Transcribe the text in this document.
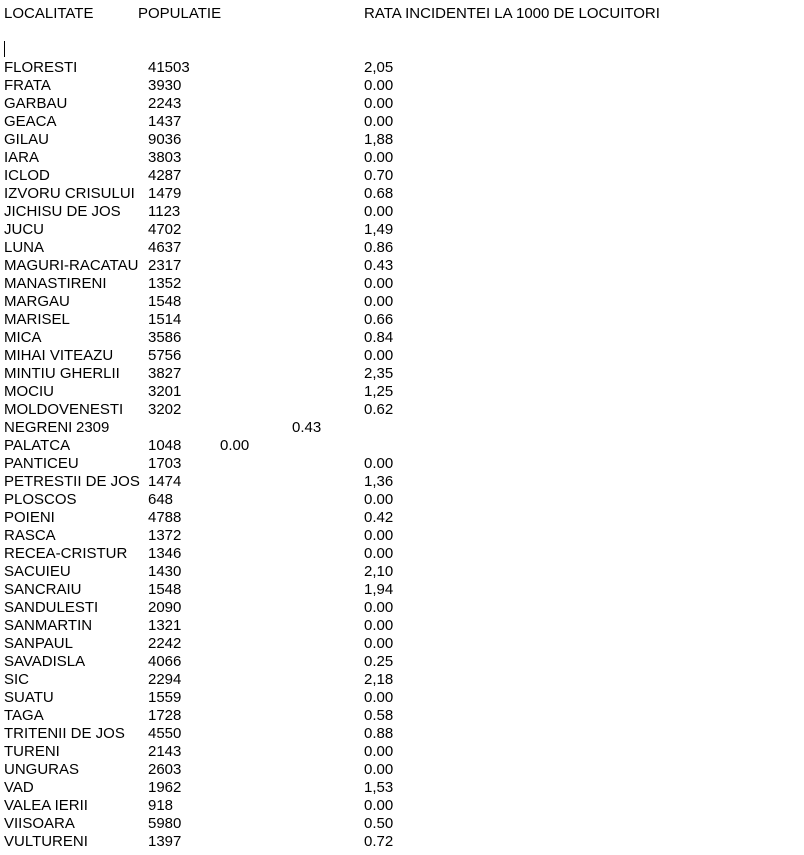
LOCALITATE	POPULATIE	RATA INCIDENTEI LA 1000 DE LOCUITORI
FLORESTI	41503	2,05
FRATA	3930	0.00
GARBAU	2243	0.00
GEACA	1437	0.00
GILAU	9036	1,88
IARA	3803	0.00
ICLOD	4287	0.70
IZVORU CRISULUI 1479	0.68
JICHISU DE JOS 1123	0.00
JUCU	4702	1,49
LUNA	4637	0.86
MAGURI-RACATAU 2317	0.43
MANASTIRENI	1352	0.00
MARGAU	1548	0.00
MARISEL	1514	0.66
MICA	3586	0.84
MIHAI VITEAZU 5756	0.00
MINTIU GHERLII 3827	2,35
MOCIU	3201	1,25
MOLDOVENESTI 3202	0.62
NEGRENI 2309	0.43
PALATCA	1048	0.00
PANTICEU	1703	0.00
PETRESTII DE JOS 1474	1,36
PLOSCOS	648	0.00
POIENI	4788	0.42
RASCA	1372	0.00
RECEA-CRISTUR 1346	0.00
SACUIEU	1430	2,10
SANCRAIU	1548	1,94
SANDULESTI	2090	0.00
SANMARTIN	1321	0.00
SANPAUL	2242	0.00
SAVADISLA	4066	0.25
SIC	2294	2,18
SUATU	1559	0.00
TAGA	1728	0.58
TRITENII DE JOS 4550	0.88
TURENI	2143	0.00
UNGURAS	2603	0.00
VAD	1962	1,53
VALEA IERII	918	0.00
VIISOARA	5980	0.50
VULTURENI	1397	0.72
